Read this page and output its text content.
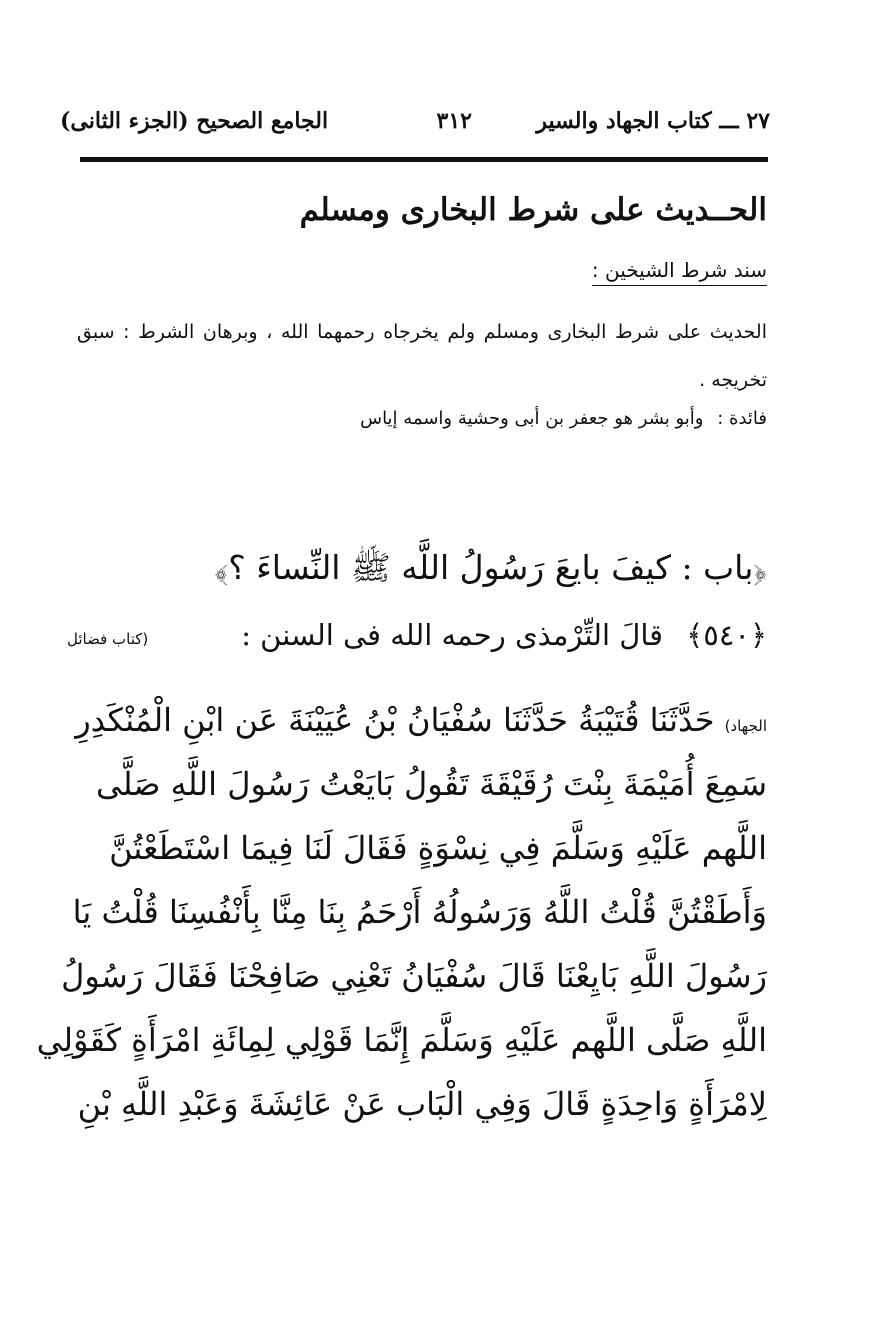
٢٧ ـــ كتاب الجهاد والسير
٣١٢
الجامع الصحيح (الجزء الثانى)
الحــديث على شرط البخارى ومسلم
سند شرط الشيخين :
الحديث على شرط البخارى ومسلم ولم يخرجاه رحمهما الله ، وبرهان الشرط : سبق تخريجه .
فائدة : وأبو بشر هو جعفر بن أبى وحشية واسمه إياس
﴿باب : كيفَ بايعَ رَسُولُ اللَّه ﷺ النِّساءَ ؟﴾
﴿٥٤٠﴾ قالَ التِّرْمذى رحمه الله فى السنن :
(كتاب فضائل
الجهاد)حَدَّثَنَا قُتَيْبَةُ حَدَّثَنَا سُفْيَانُ بْنُ عُيَيْنَةَ عَن ابْنِ الْمُنْكَدِرِ
سَمِعَ أُمَيْمَةَ بِنْتَ رُقَيْقَةَ تَقُولُ بَايَعْتُ رَسُولَ اللَّهِ صَلَّى
اللَّهم عَلَيْهِ وَسَلَّمَ فِي نِسْوَةٍ فَقَالَ لَنَا فِيمَا اسْتَطَعْتُنَّ
وَأَطَقْتُنَّ قُلْتُ اللَّهُ وَرَسُولُهُ أَرْحَمُ بِنَا مِنَّا بِأَنْفُسِنَا قُلْتُ يَا
رَسُولَ اللَّهِ بَايِعْنَا قَالَ سُفْيَانُ تَعْنِي صَافِحْنَا فَقَالَ رَسُولُ
اللَّهِ صَلَّى اللَّهم عَلَيْهِ وَسَلَّمَ إِنَّمَا قَوْلِي لِمِائَةِ امْرَأَةٍ كَقَوْلِي
لِامْرَأَةٍ وَاحِدَةٍ قَالَ وَفِي الْبَاب عَنْ عَائِشَةَ وَعَبْدِ اللَّهِ بْنِ
